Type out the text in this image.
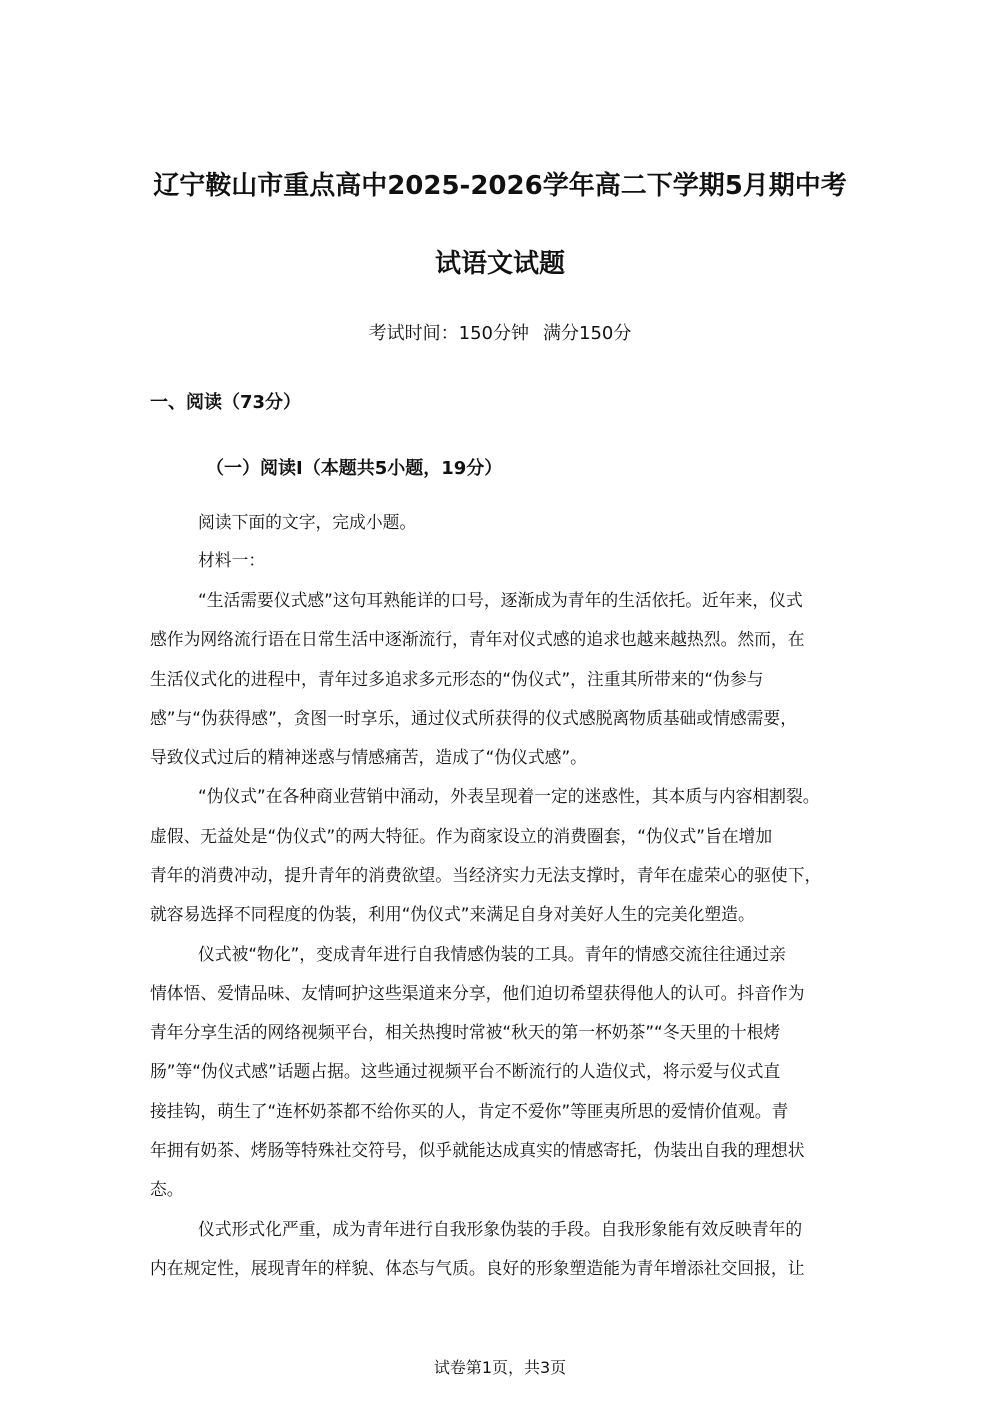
辽宁鞍山市重点高中2025-2026学年高二下学期5月期中考
试语文试题
考试时间：150分钟 满分150分
一、阅读（73分）
（一）阅读Ⅰ（本题共5小题，19分）
阅读下面的文字，完成小题。
材料一：
“生活需要仪式感”这句耳熟能详的口号，逐渐成为青年的生活依托。近年来，仪式
感作为网络流行语在日常生活中逐渐流行，青年对仪式感的追求也越来越热烈。然而，在
生活仪式化的进程中，青年过多追求多元形态的“伪仪式”，注重其所带来的“伪参与
感”与“伪获得感”，贪图一时享乐，通过仪式所获得的仪式感脱离物质基础或情感需要，
导致仪式过后的精神迷惑与情感痛苦，造成了“伪仪式感”。
“伪仪式”在各种商业营销中涌动，外表呈现着一定的迷惑性，其本质与内容相割裂。
虚假、无益处是“伪仪式”的两大特征。作为商家设立的消费圈套，“伪仪式”旨在增加
青年的消费冲动，提升青年的消费欲望。当经济实力无法支撑时，青年在虚荣心的驱使下，
就容易选择不同程度的伪装，利用“伪仪式”来满足自身对美好人生的完美化塑造。
仪式被“物化”，变成青年进行自我情感伪装的工具。青年的情感交流往往通过亲
情体悟、爱情品味、友情呵护这些渠道来分享，他们迫切希望获得他人的认可。抖音作为
青年分享生活的网络视频平台，相关热搜时常被“秋天的第一杯奶茶”“冬天里的十根烤
肠”等“伪仪式感”话题占据。这些通过视频平台不断流行的人造仪式，将示爱与仪式直
接挂钩，萌生了“连杯奶茶都不给你买的人，肯定不爱你”等匪夷所思的爱情价值观。青
年拥有奶茶、烤肠等特殊社交符号，似乎就能达成真实的情感寄托，伪装出自我的理想状
态。
仪式形式化严重，成为青年进行自我形象伪装的手段。自我形象能有效反映青年的
内在规定性，展现青年的样貌、体态与气质。良好的形象塑造能为青年增添社交回报，让
试卷第1页，共3页
